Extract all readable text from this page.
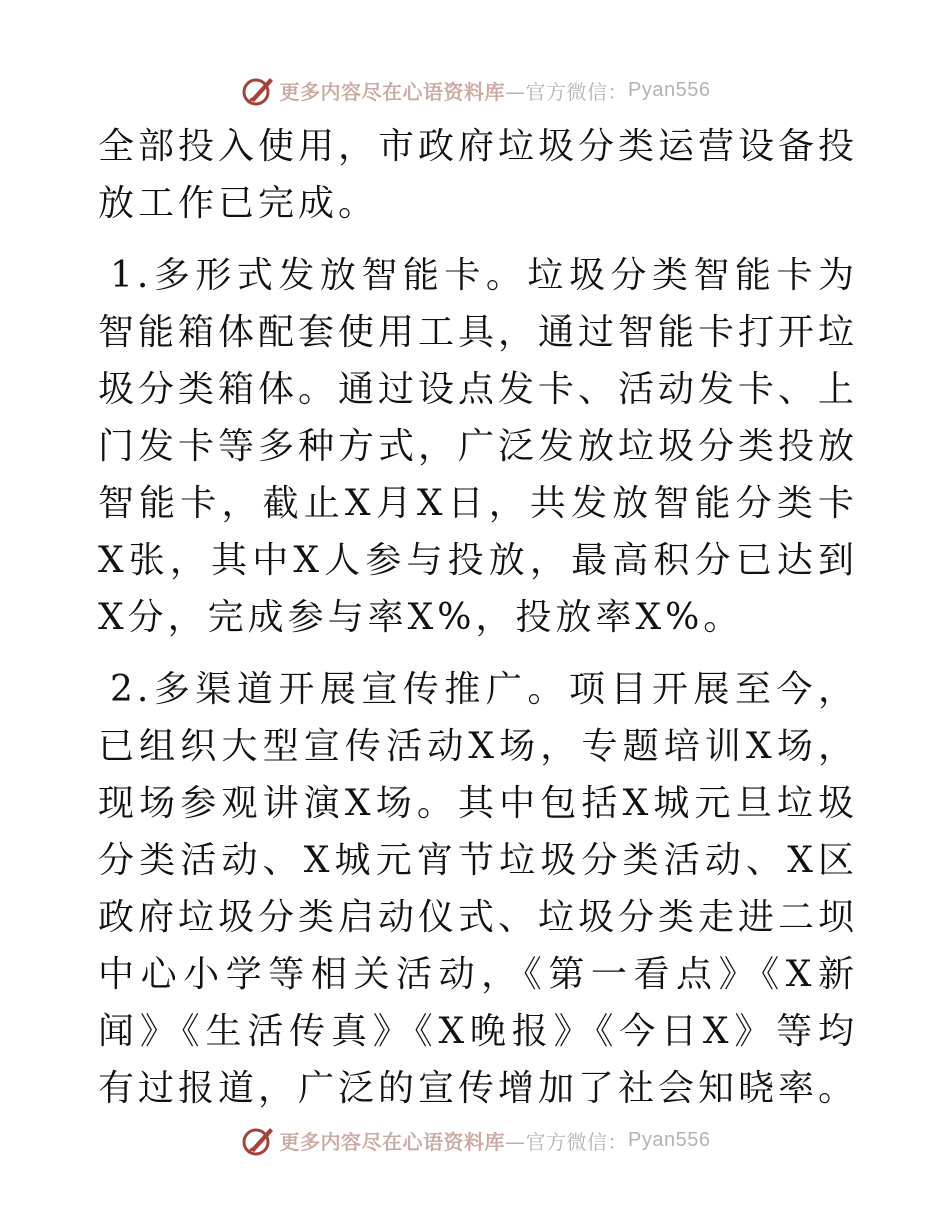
更多内容尽在心语资料库 —官方微信： Pyan556

全部投入使用，市政府垃圾分类运营设备投放工作已完成。

1.多形式发放智能卡。垃圾分类智能卡为智能箱体配套使用工具，通过智能卡打开垃圾分类箱体。通过设点发卡、活动发卡、上门发卡等多种方式，广泛发放垃圾分类投放智能卡，截止X月X日，共发放智能分类卡X张，其中X人参与投放，最高积分已达到X分，完成参与率X%，投放率X%。

2.多渠道开展宣传推广。项目开展至今，已组织大型宣传活动X场，专题培训X场，现场参观讲演X场。其中包括X城元旦垃圾分类活动、X城元宵节垃圾分类活动、X区政府垃圾分类启动仪式、垃圾分类走进二坝中心小学等相关活动，《第一看点》《X新闻》《生活传真》《X晚报》《今日X》等均有过报道，广泛的宣传增加了社会知晓率。

更多内容尽在心语资料库 —官方微信： Pyan556
